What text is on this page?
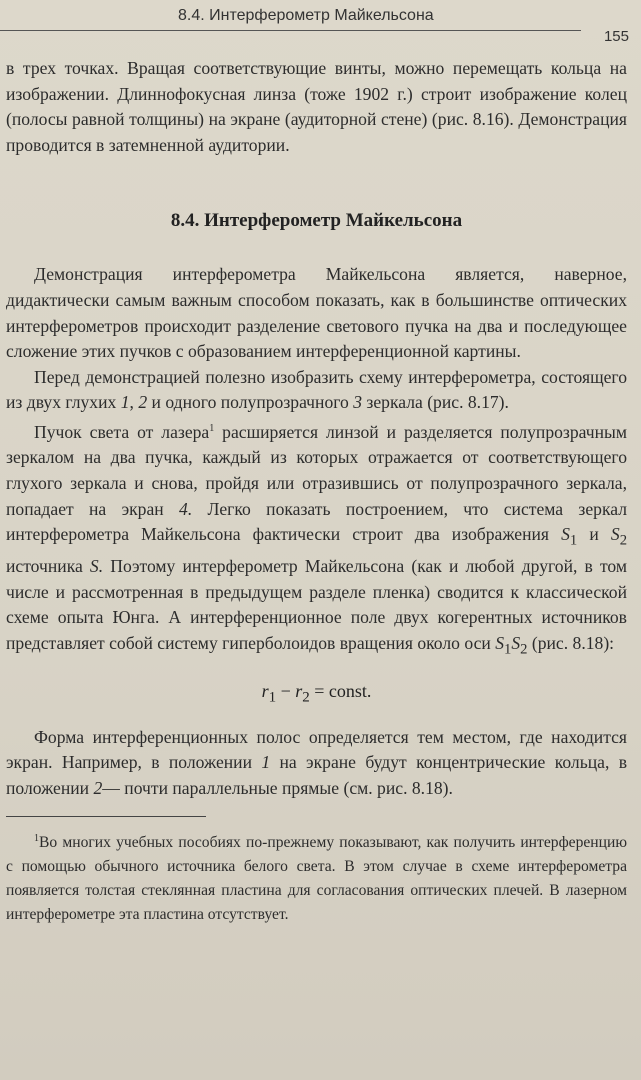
8.4. Интерферометр Майкельсона
155

в трех точках. Вращая соответствующие винты, можно перемещать кольца на изображении. Длиннофокусная линза (тоже 1902 г.) строит изображение колец (полосы равной толщины) на экране (аудиторной стене) (рис. 8.16). Демонстрация проводится в затемненной аудитории.

8.4. Интерферометр Майкельсона

Демонстрация интерферометра Майкельсона является, наверное, дидактически самым важным способом показать, как в большинстве оптических интерферометров происходит разделение светового пучка на два и последующее сложение этих пучков с образованием интерференционной картины.

Перед демонстрацией полезно изобразить схему интерферометра, состоящего из двух глухих 1, 2 и одного полупрозрачного 3 зеркала (рис. 8.17).

Пучок света от лазера$^1$ расширяется линзой и разделяется полупрозрачным зеркалом на два пучка, каждый из которых отражается от соответствующего глухого зеркала и снова, пройдя или отразившись от полупрозрачного зеркала, попадает на экран 4. Легко показать построением, что система зеркал интерферометра Майкельсона фактически строит два изображения $S_1$ и $S_2$ источника S. Поэтому интерферометр Майкельсона (как и любой другой, в том числе и рассмотренная в предыдущем разделе пленка) сводится к классической схеме опыта Юнга. А интерференционное поле двух когерентных источников представляет собой систему гиперболоидов вращения около оси $S_1S_2$ (рис. 8.18):

$r_1 - r_2$ = const.

Форма интерференционных полос определяется тем местом, где находится экран. Например, в положении 1 на экране будут концентрические кольца, в положении 2— почти параллельные прямые (см. рис. 8.18).

$^1$Во многих учебных пособиях по-прежнему показывают, как получить интерференцию с помощью обычного источника белого света. В этом случае в схеме интерферометра появляется толстая стеклянная пластина для согласования оптических плечей. В лазерном интерферометре эта пластина отсутствует.
